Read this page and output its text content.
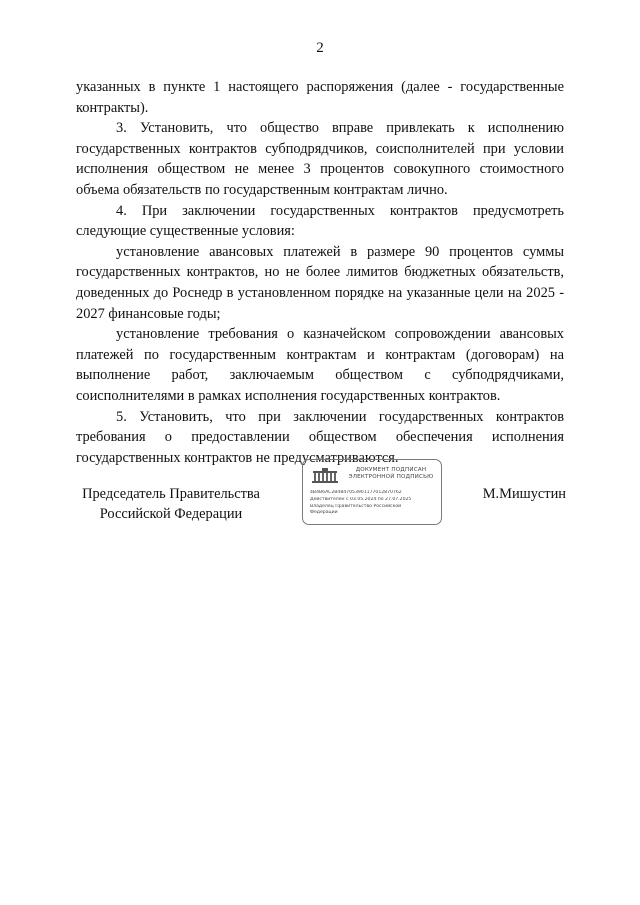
2

указанных в пункте 1 настоящего распоряжения (далее - государственные контракты).

3. Установить, что общество вправе привлекать к исполнению государственных контрактов субподрядчиков, соисполнителей при условии исполнения обществом не менее 3 процентов совокупного стоимостного объема обязательств по государственным контрактам лично.

4. При заключении государственных контрактов предусмотреть следующие существенные условия:

установление авансовых платежей в размере 90 процентов суммы государственных контрактов, но не более лимитов бюджетных обязательств, доведенных до Роснедр в установленном порядке на указанные цели на 2025 - 2027 финансовые годы;

установление требования о казначейском сопровождении авансовых платежей по государственным контрактам и контрактам (договорам) на выполнение работ, заключаемым обществом с субподрядчиками, соисполнителями в рамках исполнения государственных контрактов.

5. Установить, что при заключении государственных контрактов требования о предоставлении обществом обеспечения исполнения государственных контрактов не предусматриваются.

Председатель Правительства
Российской Федерации
ДОКУМЕНТ ПОДПИСАН
ЭЛЕКТРОННОЙ ПОДПИСЬЮ
4B4B6AC2B4847053901177012870762
Действителен с 03.05.2024 по 27.07.2025
Владелец Правительство Российской
Федерации
М.Мишустин
